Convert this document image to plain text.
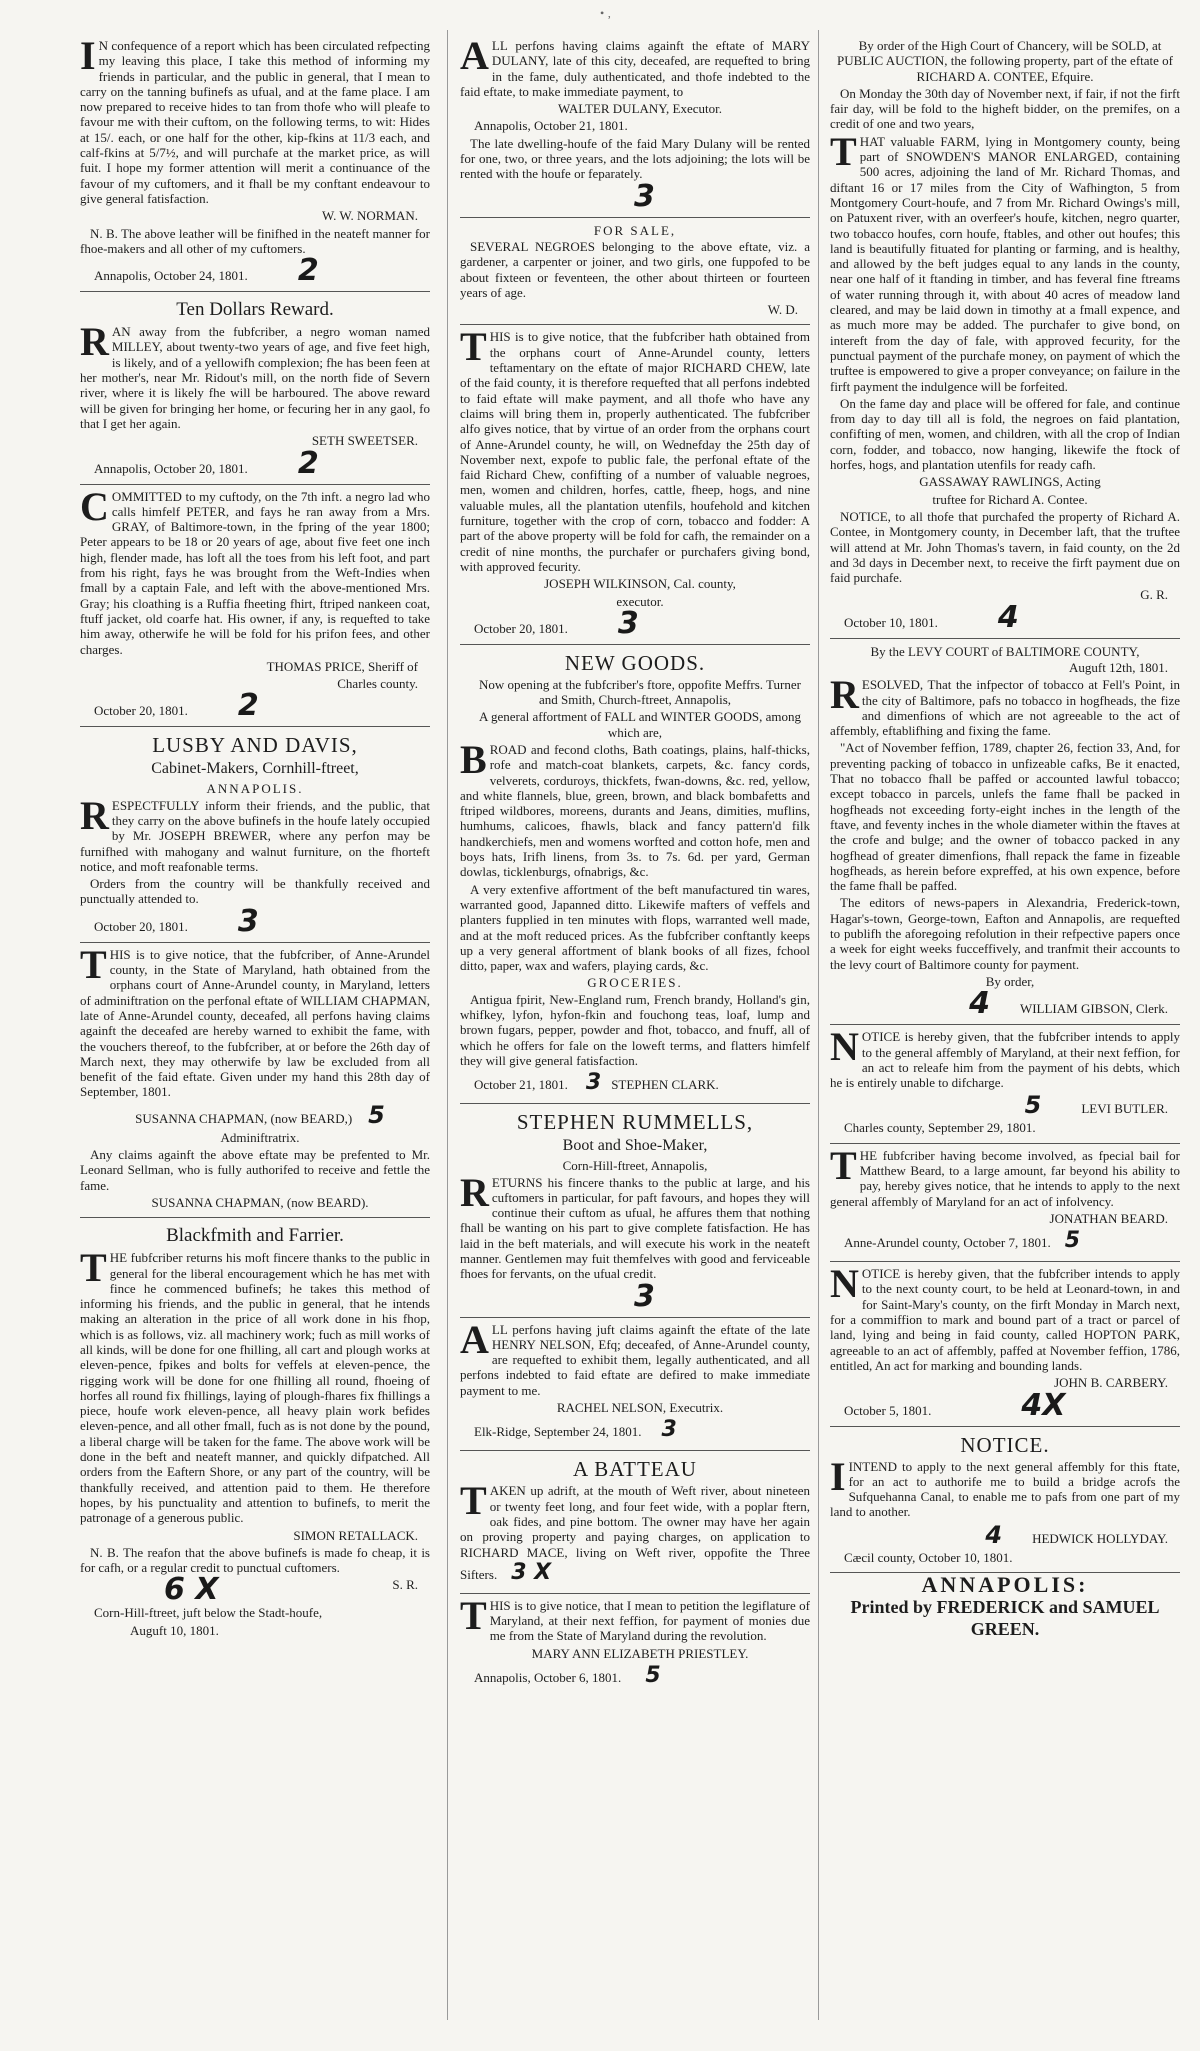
• ‚

I N confequence of a report which has been circulated refpecting my leaving this place, I take this method of informing my friends in particular, and the public in general, that I mean to carry on the tanning bufinefs as ufual, and at the fame place. I am now prepared to receive hides to tan from thofe who will pleafe to favour me with their cuftom, on the following terms, to wit: Hides at 15/. each, or one half for the other, kip-fkins at 11/3 each, and calf-fkins at 5/7½, and will purchafe at the market price, as will fuit. I hope my former attention will merit a continuance of the favour of my cuftomers, and it fhall be my conftant endeavour to give general fatisfaction.

W. W. NORMAN.

N. B. The above leather will be finifhed in the neateft manner for fhoe-makers and all other of my cuftomers.

Annapolis, October 24, 1801. 2

Ten Dollars Reward.

RAN away from the fubfcriber, a negro woman named MILLEY, about twenty-two years of age, and five feet high, is likely, and of a yellowifh complexion; fhe has been feen at her mother's, near Mr. Ridout's mill, on the north fide of Severn river, where it is likely fhe will be harboured. The above reward will be given for bringing her home, or fecuring her in any gaol, fo that I get her again.

SETH SWEETSER.

Annapolis, October 20, 1801. 2

COMMITTED to my cuftody, on the 7th inft. a negro lad who calls himfelf PETER, and fays he ran away from a Mrs. GRAY, of Baltimore-town, in the fpring of the year 1800; Peter appears to be 18 or 20 years of age, about five feet one inch high, flender made, has loft all the toes from his left foot, and part from his right, fays he was brought from the Weft-Indies when fmall by a captain Fale, and left with the above-mentioned Mrs. Gray; his cloathing is a Ruffia fheeting fhirt, ftriped nankeen coat, ftuff jacket, old coarfe hat. His owner, if any, is requefted to take him away, otherwife he will be fold for his prifon fees, and other charges.

THOMAS PRICE, Sheriff of

Charles county.

October 20, 1801. 2

LUSBY AND DAVIS,
Cabinet-Makers, Cornhill-ftreet,
ANNAPOLIS.

RESPECTFULLY inform their friends, and the public, that they carry on the above bufinefs in the houfe lately occupied by Mr. JOSEPH BREWER, where any perfon may be furnifhed with mahogany and walnut furniture, on the fhorteft notice, and moft reafonable terms.

Orders from the country will be thankfully received and punctually attended to.

October 20, 1801. 3

THIS is to give notice, that the fubfcriber, of Anne-Arundel county, in the State of Maryland, hath obtained from the orphans court of Anne-Arundel county, in Maryland, letters of adminiftration on the perfonal eftate of WILLIAM CHAPMAN, late of Anne-Arundel county, deceafed, all perfons having claims againft the deceafed are hereby warned to exhibit the fame, with the vouchers thereof, to the fubfcriber, at or before the 26th day of March next, they may otherwife by law be excluded from all benefit of the faid eftate. Given under my hand this 28th day of September, 1801.

SUSANNA CHAPMAN, (now BEARD,) 5

Adminiftratrix.

Any claims againft the above eftate may be prefented to Mr. Leonard Sellman, who is fully authorifed to receive and fettle the fame.

SUSANNA CHAPMAN, (now BEARD).

Blackfmith and Farrier.

THE fubfcriber returns his moft fincere thanks to the public in general for the liberal encouragement which he has met with fince he commenced bufinefs; he takes this method of informing his friends, and the public in general, that he intends making an alteration in the price of all work done in his fhop, which is as follows, viz. all machinery work; fuch as mill works of all kinds, will be done for one fhilling, all cart and plough works at eleven-pence, fpikes and bolts for veffels at eleven-pence, the rigging work will be done for one fhilling all round, fhoeing of horfes all round fix fhillings, laying of plough-fhares fix fhillings a piece, houfe work eleven-pence, all heavy plain work befides eleven-pence, and all other fmall, fuch as is not done by the pound, a liberal charge will be taken for the fame. The above work will be done in the beft and neateft manner, and quickly difpatched. All orders from the Eaftern Shore, or any part of the country, will be thankfully received, and attention paid to them. He therefore hopes, by his punctuality and attention to bufinefs, to merit the patronage of a generous public.

SIMON RETALLACK.

N. B. The reafon that the above bufinefs is made fo cheap, it is for cafh, or a regular credit to punctual cuftomers.

6 X	S. R.

Corn-Hill-ftreet, juft below the Stadt-houfe,

Auguft 10, 1801.

ALL perfons having claims againft the eftate of MARY DULANY, late of this city, deceafed, are requefted to bring in the fame, duly authenticated, and thofe indebted to the faid eftate, to make immediate payment, to

WALTER DULANY, Executor.

Annapolis, October 21, 1801.

The late dwelling-houfe of the faid Mary Dulany will be rented for one, two, or three years, and the lots adjoining; the lots will be rented with the houfe or feparately.

3

FOR SALE,

SEVERAL NEGROES belonging to the above eftate, viz. a gardener, a carpenter or joiner, and two girls, one fuppofed to be about fixteen or feventeen, the other about thirteen or fourteen years of age.

W. D.

THIS is to give notice, that the fubfcriber hath obtained from the orphans court of Anne-Arundel county, letters teftamentary on the eftate of major RICHARD CHEW, late of the faid county, it is therefore requefted that all perfons indebted to faid eftate will make payment, and all thofe who have any claims will bring them in, properly authenticated. The fubfcriber alfo gives notice, that by virtue of an order from the orphans court of Anne-Arundel county, he will, on Wednefday the 25th day of November next, expofe to public fale, the perfonal eftate of the faid Richard Chew, confifting of a number of valuable negroes, men, women and children, horfes, cattle, fheep, hogs, and nine valuable mules, all the plantation utenfils, houfehold and kitchen furniture, together with the crop of corn, tobacco and fodder: A part of the above property will be fold for cafh, the remainder on a credit of nine months, the purchafer or purchafers giving bond, with approved fecurity.

JOSEPH WILKINSON, Cal. county,

executor.

October 20, 1801. 3

NEW GOODS.

Now opening at the fubfcriber's ftore, oppofite Meffrs. Turner and Smith, Church-ftreet, Annapolis,

A general affortment of FALL and WINTER GOODS, among which are,

BROAD and fecond cloths, Bath coatings, plains, half-thicks, rofe and match-coat blankets, carpets, &c. fancy cords, velverets, corduroys, thickfets, fwan-downs, &c. red, yellow, and white flannels, blue, green, brown, and black bombafetts and ftriped wildbores, moreens, durants and Jeans, dimities, muflins, humhums, calicoes, fhawls, black and fancy pattern'd filk handkerchiefs, men and womens worfted and cotton hofe, men and boys hats, Irifh linens, from 3s. to 7s. 6d. per yard, German dowlas, ticklenburgs, ofnabrigs, &c.

A very extenfive affortment of the beft manufactured tin wares, warranted good, Japanned ditto. Likewife mafters of veffels and planters fupplied in ten minutes with flops, warranted well made, and at the moft reduced prices. As the fubfcriber conftantly keeps up a very general affortment of blank books of all fizes, fchool ditto, paper, wax and wafers, playing cards, &c.

GROCERIES.

Antigua fpirit, New-England rum, French brandy, Holland's gin, whifkey, lyfon, hyfon-fkin and fouchong teas, loaf, lump and brown fugars, pepper, powder and fhot, tobacco, and fnuff, all of which he offers for fale on the loweft terms, and flatters himfelf they will give general fatisfaction.

October 21, 1801. 3 STEPHEN CLARK.

STEPHEN RUMMELLS,
Boot and Shoe-Maker,
Corn-Hill-ftreet, Annapolis,

RETURNS his fincere thanks to the public at large, and his cuftomers in particular, for paft favours, and hopes they will continue their cuftom as ufual, he affures them that nothing fhall be wanting on his part to give complete fatisfaction. He has laid in the beft materials, and will execute his work in the neateft manner. Gentlemen may fuit themfelves with good and ferviceable fhoes for fervants, on the ufual credit.

3

ALL perfons having juft claims againft the eftate of the late HENRY NELSON, Efq; deceafed, of Anne-Arundel county, are requefted to exhibit them, legally authenticated, and all perfons indebted to faid eftate are defired to make immediate payment to me.

RACHEL NELSON, Executrix.

Elk-Ridge, September 24, 1801. 3

A BATTEAU

TAKEN up adrift, at the mouth of Weft river, about nineteen or twenty feet long, and four feet wide, with a poplar ftern, oak fides, and pine bottom. The owner may have her again on proving property and paying charges, on application to RICHARD MACE, living on Weft river, oppofite the Three Sifters. 3 X

THIS is to give notice, that I mean to petition the legiflature of Maryland, at their next feffion, for payment of monies due me from the State of Maryland during the revolution.

MARY ANN ELIZABETH PRIESTLEY.

Annapolis, October 6, 1801. 5

By order of the High Court of Chancery, will be SOLD, at PUBLIC AUCTION, the following property, part of the eftate of RICHARD A. CONTEE, Efquire.

On Monday the 30th day of November next, if fair, if not the firft fair day, will be fold to the higheft bidder, on the premifes, on a credit of one and two years,

THAT valuable FARM, lying in Montgomery county, being part of SNOWDEN'S MANOR ENLARGED, containing 500 acres, adjoining the land of Mr. Richard Thomas, and diftant 16 or 17 miles from the City of Wafhington, 5 from Montgomery Court-houfe, and 7 from Mr. Richard Owings's mill, on Patuxent river, with an overfeer's houfe, kitchen, negro quarter, two tobacco houfes, corn houfe, ftables, and other out houfes; this land is beautifully fituated for planting or farming, and is healthy, and allowed by the beft judges equal to any lands in the county, near one half of it ftanding in timber, and has feveral fine ftreams of water running through it, with about 40 acres of meadow land cleared, and may be laid down in timothy at a fmall expence, and as much more may be added. The purchafer to give bond, on intereft from the day of fale, with approved fecurity, for the punctual payment of the purchafe money, on payment of which the truftee is empowered to give a proper conveyance; on failure in the firft payment the indulgence will be forfeited.

On the fame day and place will be offered for fale, and continue from day to day till all is fold, the negroes on faid plantation, confifting of men, women, and children, with all the crop of Indian corn, fodder, and tobacco, now hanging, likewife the ftock of horfes, hogs, and plantation utenfils for ready cafh.

GASSAWAY RAWLINGS, Acting

truftee for Richard A. Contee.

NOTICE, to all thofe that purchafed the property of Richard A. Contee, in Montgomery county, in December laft, that the truftee will attend at Mr. John Thomas's tavern, in faid county, on the 2d and 3d days in December next, to receive the firft payment due on faid purchafe.

G. R.

October 10, 1801. 4

By the LEVY COURT of BALTIMORE COUNTY,

Auguft 12th, 1801.

RESOLVED, That the infpector of tobacco at Fell's Point, in the city of Baltimore, pafs no tobacco in hogfheads, the fize and dimenfions of which are not agreeable to the act of affembly, eftablifhing and fixing the fame.

"Act of November feffion, 1789, chapter 26, fection 33, And, for preventing packing of tobacco in unfizeable cafks, Be it enacted, That no tobacco fhall be paffed or accounted lawful tobacco; except tobacco in parcels, unlefs the fame fhall be packed in hogfheads not exceeding forty-eight inches in the length of the ftave, and feventy inches in the whole diameter within the ftaves at the crofe and bulge; and the owner of tobacco packed in any hogfhead of greater dimenfions, fhall repack the fame in fizeable hogfheads, as herein before expreffed, at his own expence, before the fame fhall be paffed.

The editors of news-papers in Alexandria, Frederick-town, Hagar's-town, George-town, Eafton and Annapolis, are requefted to publifh the aforegoing refolution in their refpective papers once a week for eight weeks fucceffively, and tranfmit their accounts to the levy court of Baltimore county for payment.

By order,

4 WILLIAM GIBSON, Clerk.

NOTICE is hereby given, that the fubfcriber intends to apply to the general affembly of Maryland, at their next feffion, for an act to releafe him from the payment of his debts, which he is entirely unable to difcharge.

5	LEVI BUTLER.

Charles county, September 29, 1801.

THE fubfcriber having become involved, as fpecial bail for Matthew Beard, to a large amount, far beyond his ability to pay, hereby gives notice, that he intends to apply to the next general affembly of Maryland for an act of infolvency.

JONATHAN BEARD.

Anne-Arundel county, October 7, 1801. 5

NOTICE is hereby given, that the fubfcriber intends to apply to the next county court, to be held at Leonard-town, in and for Saint-Mary's county, on the firft Monday in March next, for a commiffion to mark and bound part of a tract or parcel of land, lying and being in faid county, called HOPTON PARK, agreeable to an act of affembly, paffed at November feffion, 1786, entitled, An act for marking and bounding lands.

JOHN B. CARBERY.

October 5, 1801.	4X

NOTICE.

IINTEND to apply to the next general affembly for this ftate, for an act to authorife me to build a bridge acrofs the Sufquehanna Canal, to enable me to pafs from one part of my land to another.

4 HEDWICK HOLLYDAY.

Cæcil county, October 10, 1801.

ANNAPOLIS:
Printed by FREDERICK and SAMUEL GREEN.
